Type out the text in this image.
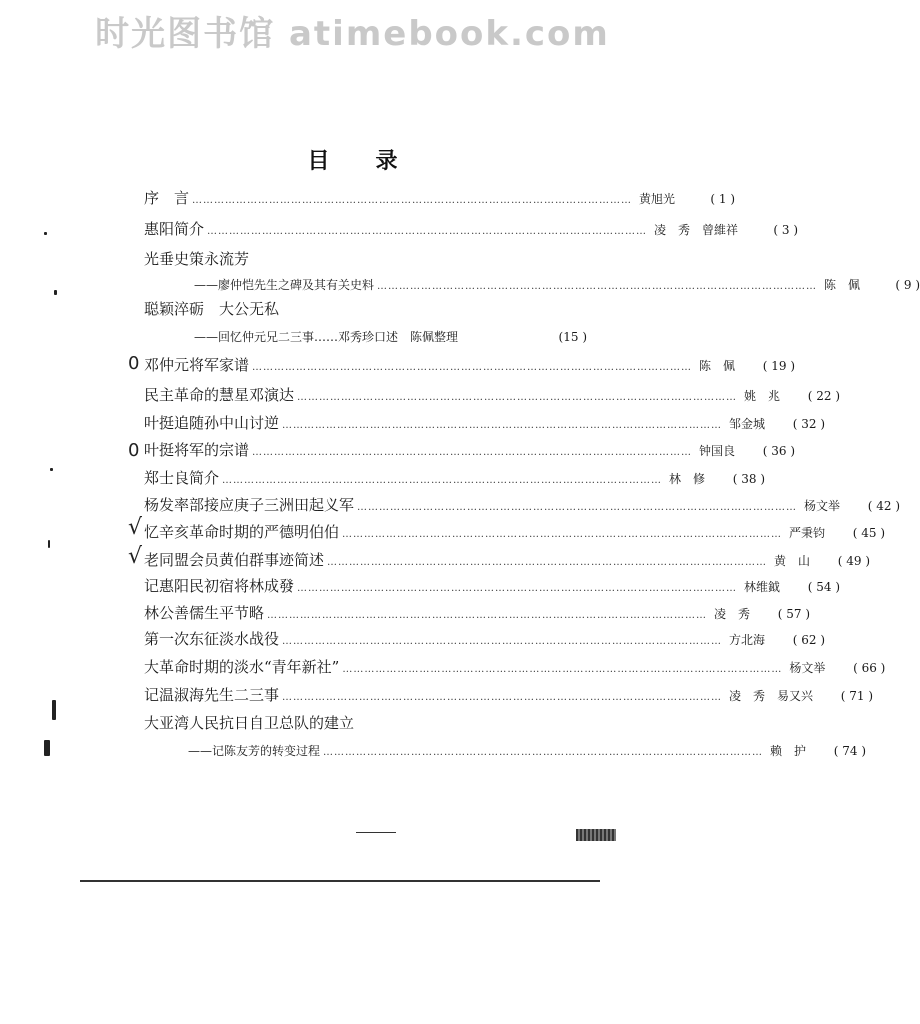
时光图书馆 atimebook.com
目录
序　言 ………………………………………………………………………………………………………… 黄旭光	( 1 )
惠阳简介 ………………………………………………………………………………………………………… 凌　秀　曾維祥	( 3 )
光垂史策永流芳
——廖仲恺先生之碑及其有关史料 ………………………………………………………………………………………………………… 陈　佩	( 9 )
聪颖淬砺　大公无私
——回忆仲元兄二三事……邓秀珍口述　陈佩整理	(15 )
邓仲元将军家谱 ………………………………………………………………………………………………………… 陈　佩	( 19 )
民主革命的慧星邓演达 ………………………………………………………………………………………………………… 姚　兆	( 22 )
叶挺追随孙中山讨逆 ………………………………………………………………………………………………………… 邹金城	( 32 )
叶挺将军的宗谱 ………………………………………………………………………………………………………… 钟国良	( 36 )
郑士良简介 ………………………………………………………………………………………………………… 林　修	( 38 )
杨发率部接应庚子三洲田起义军 ………………………………………………………………………………………………………… 杨文举	( 42 )
忆辛亥革命时期的严德明伯伯 ………………………………………………………………………………………………………… 严秉钧	( 45 )
老同盟会员黄伯群事迹简述 ………………………………………………………………………………………………………… 黄　山	( 49 )
记惠阳民初宿将林成發 ………………………………………………………………………………………………………… 林维鉞	( 54 )
林公善儒生平节略 ………………………………………………………………………………………………………… 凌　秀	( 57 )
第一次东征淡水战役 ………………………………………………………………………………………………………… 方北海	( 62 )
大革命时期的淡水“青年新社” ………………………………………………………………………………………………………… 杨文举	( 66 )
记温淑海先生二三事 ………………………………………………………………………………………………………… 凌　秀　易又兴	( 71 )
大亚湾人民抗日自卫总队的建立
——记陈友芳的转变过程 ………………………………………………………………………………………………………… 赖　护	( 74 )
0
0
√
√
